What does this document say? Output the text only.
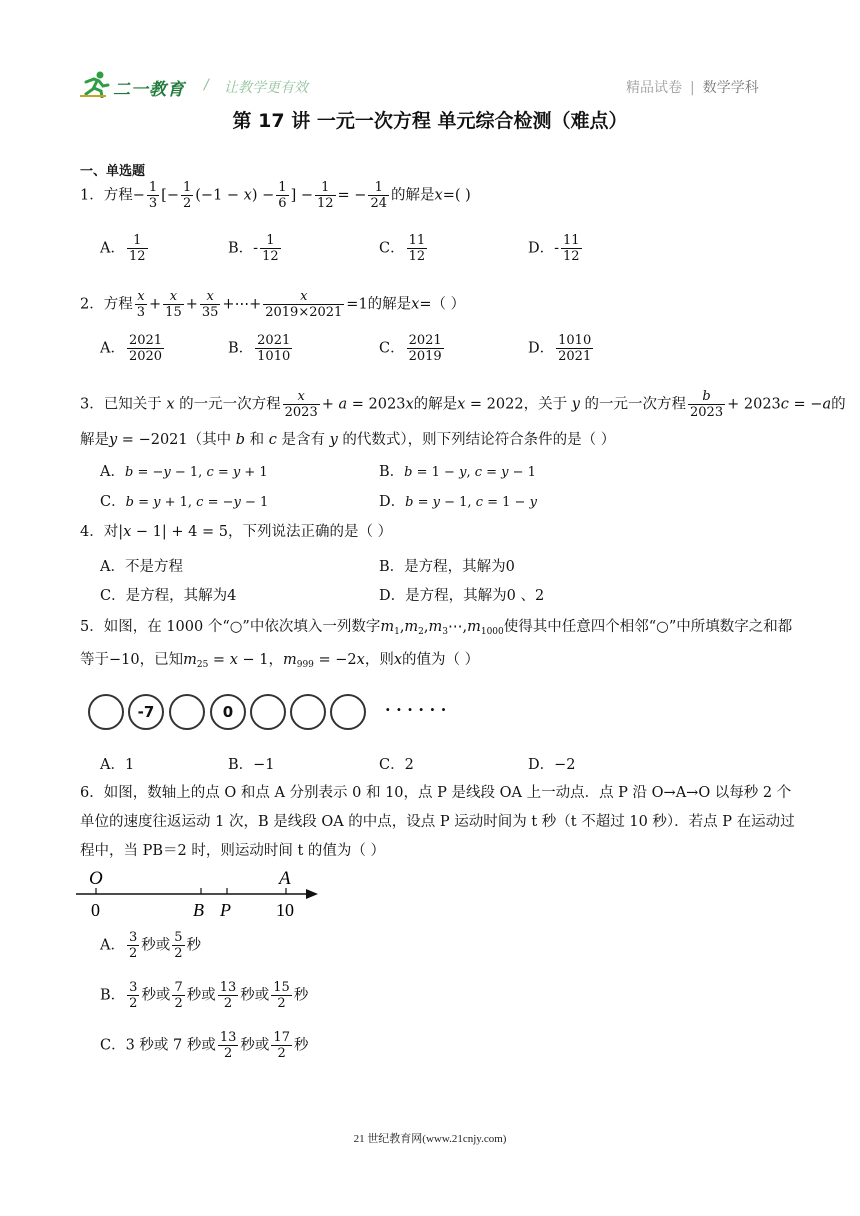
二一教育 / 让教学更有效	精品试卷 | 数学学科
第 17 讲 一元一次方程 单元综合检测（难点）
一、单选题
1．方程− $\frac{1}{3}$ [− $\frac{1}{2} (-1 - x) - \frac{1}{6}$ ] − $\frac{1}{12}$ = − $\frac{1}{24}$ 的解是x=( )
A． $\frac{1}{12}$	B．- $\frac{1}{12}$	C． $\frac{11}{12}$	D．- $\frac{11}{12}$
2．方程 $\frac{x}{3} + \frac{x}{15} + \frac{x}{35}$ +⋯+ $\frac{x}{2019\times 2021} =1$的解是x=（ ）
A． $\frac{2021}{2020}$	B． $\frac{2021}{1010}$	C． $\frac{2021}{2019}$	D． $\frac{1010}{2021}$
3．已知关于 x 的一元一次方程 $\frac{x}{2023} + a = 2023x$的解是x = 2022，关于 y 的一元一次方程 $\frac{b}{2023} + 2023c = -a$的
解是y = −2021（其中 b 和 c 是含有 y 的代数式），则下列结论符合条件的是（ ）
A．b = −y − 1, c = y + 1	B．b = 1 − y, c = y − 1
C．b = y + 1, c = −y − 1	D．b = y − 1, c = 1 − y
4．对|x − 1| + 4 = 5，下列说法正确的是（ ）
A．不是方程	B．是方程，其解为0
C．是方程，其解为4	D．是方程，其解为0 、2
5．如图，在 1000 个“○”中依次填入一列数字$m_1,m_2,m_3\cdots,m_{1000}$使得其中任意四个相邻“○”中所填数字之和都
等于−10，已知$m_{25} = x - 1$，$m_{999} = -2x$，则x的值为（ ）
-7	0	· · · · · ·
A．1	B．−1	C．2	D．−2
6．如图，数轴上的点 O 和点 A 分别表示 0 和 10，点 P 是线段 OA 上一动点．点 P 沿 O→A→O 以每秒 2 个
单位的速度往返运动 1 次，B 是线段 OA 的中点，设点 P 运动时间为 t 秒（t 不超过 10 秒）．若点 P 在运动过
程中，当 PB＝2 时，则运动时间 t 的值为（ ）
O	A
0	B P	10
A． $\frac{3}{2}$ 秒或 $\frac{5}{2}$ 秒
B． $\frac{3}{2}$ 秒或 $\frac{7}{2}$ 秒或 $\frac{13}{2}$ 秒或 $\frac{15}{2}$ 秒
C．3 秒或 7 秒或 $\frac{13}{2}$ 秒或 $\frac{17}{2}$ 秒
21 世纪教育网(www.21cnjy.com)
